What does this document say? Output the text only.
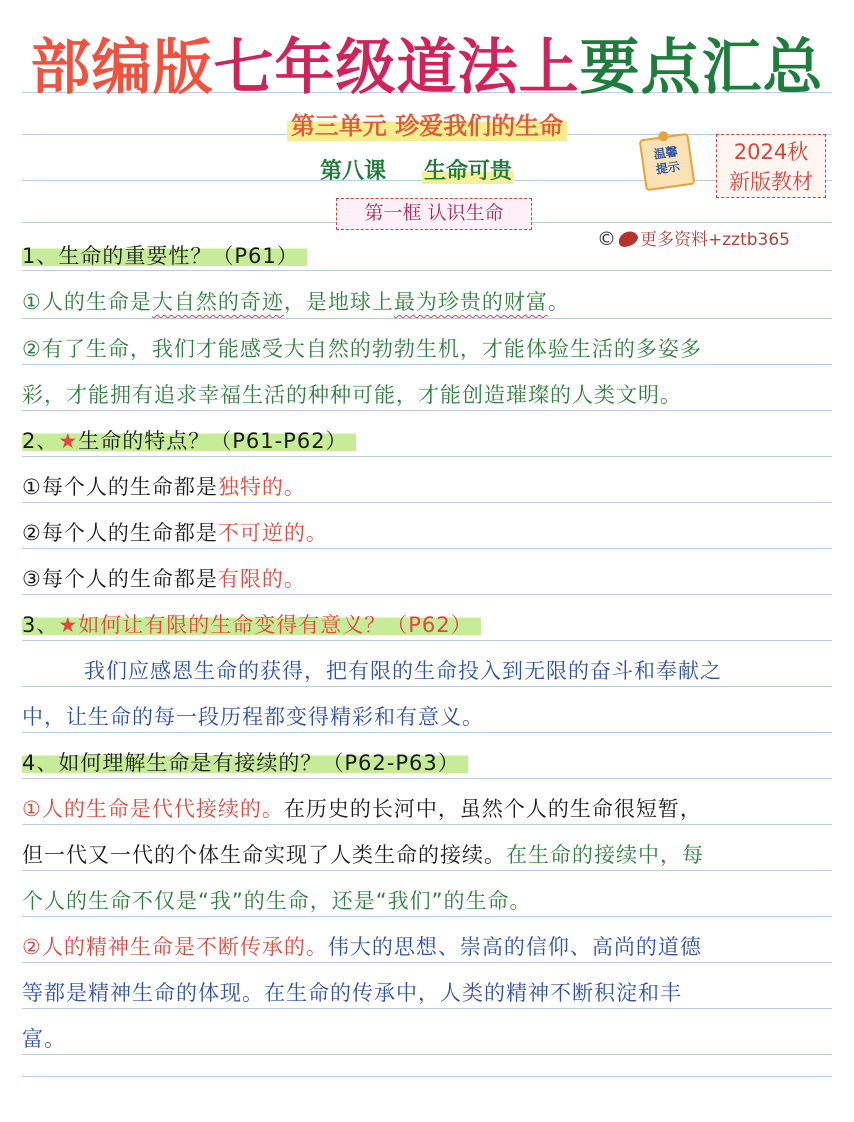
部编版七年级道法上要点汇总
第三单元 珍爱我们的生命
第八课 生命可贵
温馨
提示
2024秋
新版教材
第一框 认识生命
© 更多资料+zztb365
1、生命的重要性？（P61）
①人的生命是大自然的奇迹，是地球上最为珍贵的财富。
②有了生命，我们才能感受大自然的勃勃生机，才能体验生活的多姿多
彩，才能拥有追求幸福生活的种种可能，才能创造璀璨的人类文明。
2、★生命的特点？（P61-P62）
①每个人的生命都是独特的。
②每个人的生命都是不可逆的。
③每个人的生命都是有限的。
3、★如何让有限的生命变得有意义？（P62）
我们应感恩生命的获得，把有限的生命投入到无限的奋斗和奉献之
中，让生命的每一段历程都变得精彩和有意义。
4、如何理解生命是有接续的？（P62-P63）
①人的生命是代代接续的。在历史的长河中，虽然个人的生命很短暂，
但一代又一代的个体生命实现了人类生命的接续。在生命的接续中，每
个人的生命不仅是“我”的生命，还是“我们”的生命。
②人的精神生命是不断传承的。伟大的思想、崇高的信仰、高尚的道德
等都是精神生命的体现。在生命的传承中，人类的精神不断积淀和丰
富。
